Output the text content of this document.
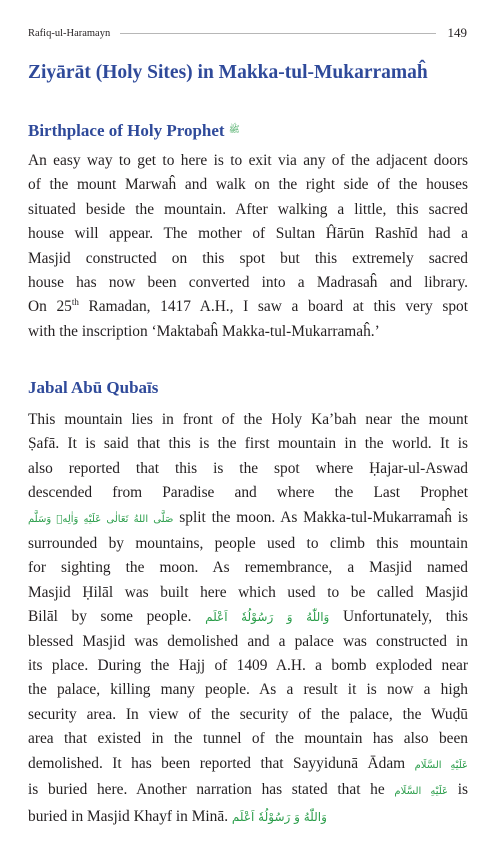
Rafiq-ul-Haramayn	149
Ziyārāt (Holy Sites) in Makka-tul-Mukarramaĥ
Birthplace of Holy Prophet $^ﷺ$
An easy way to get to here is to exit via any of the adjacent doors
of the mount Marwaĥ and walk on the right side of the houses
situated beside the mountain. After walking a little, this sacred
house will appear. The mother of Sultan Ĥārūn Rashīd had a
Masjid constructed on this spot but this extremely sacred
house has now been converted into a Madrasaĥ and library.
On 25th Ramadan, 1417 A.H., I saw a board at this very spot
with the inscription ‘Maktabaĥ Makka-tul-Mukarramaĥ.’
Jabal Abū Qubaīs
This mountain lies in front of the Holy Ka’bah near the mount
Ṣafā. It is said that this is the first mountain in the world. It is
also reported that this is the spot where Ḥajar-ul-Aswad
descended from Paradise and where the Last Prophet
صَلَّى اللهُ تَعَالٰى عَلَيْهِ وَاٰلِهٖ وَسَلَّم split the moon. As Makka-tul-Mukarramaĥ is
surrounded by mountains, people used to climb this mountain
for sighting the moon. As remembrance, a Masjid named
Masjid Ḥilāl was built here which used to be called Masjid
Bilāl by some people. وَاللّٰهُ وَ رَسُوْلُهٗ اَعْلَم Unfortunately, this
blessed Masjid was demolished and a palace was constructed in
its place. During the Hajj of 1409 A.H. a bomb exploded near
the palace, killing many people. As a result it is now a high
security area. In view of the security of the palace, the Wuḍū
area that existed in the tunnel of the mountain has also been
demolished. It has been reported that Sayyidunā Ādam عَلَيْهِ السَّلَام
is buried here. Another narration has stated that he عَلَيْهِ السَّلَام is
buried in Masjid Khayf in Minā. وَاللّٰهُ وَ رَسُوْلُهٗ اَعْلَم
